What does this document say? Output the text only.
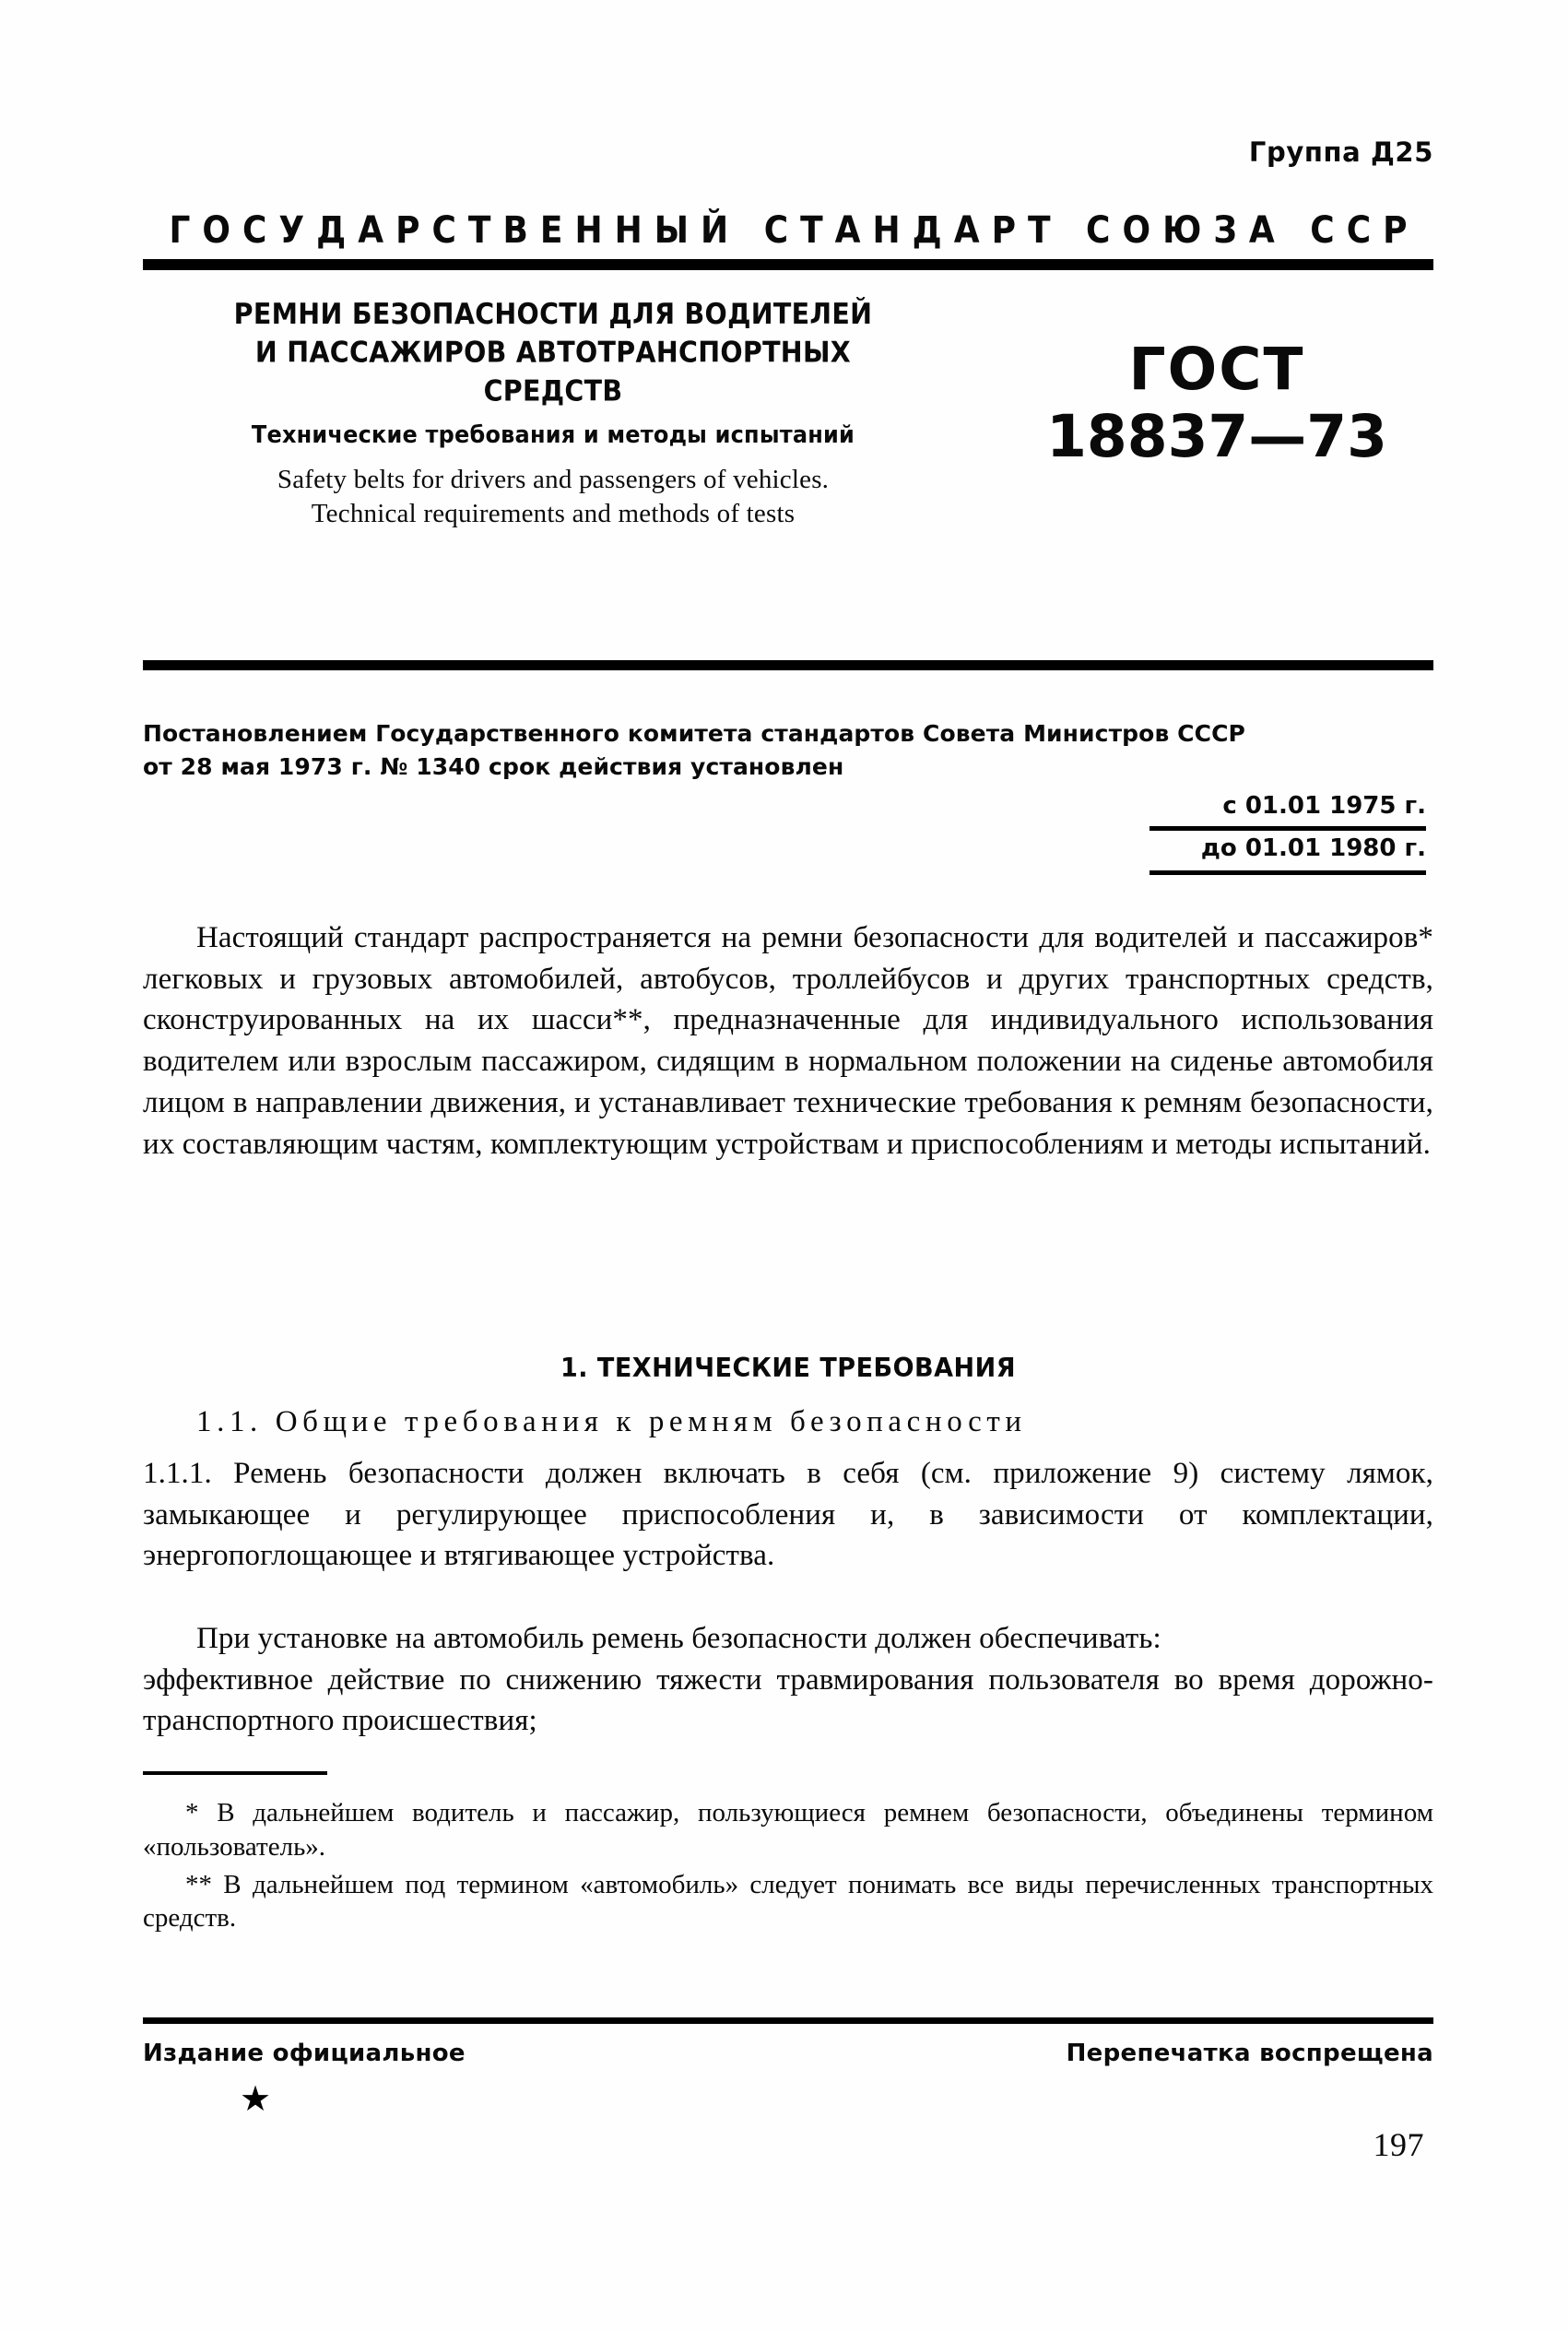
Группа Д25
ГОСУДАРСТВЕННЫЙ СТАНДАРТ СОЮЗА ССР
РЕМНИ БЕЗОПАСНОСТИ ДЛЯ ВОДИТЕЛЕЙ
И ПАССАЖИРОВ АВТОТРАНСПОРТНЫХ
СРЕДСТВ
Технические требования и методы испытаний
Safety belts for drivers and passengers of vehicles.
Technical requirements and methods of tests
ГОСТ
18837—73
Постановлением Государственного комитета стандартов Совета Министров СССР
от 28 мая 1973 г. № 1340 срок действия установлен
с 01.01 1975 г.
до 01.01 1980 г.

Настоящий стандарт распространяется на ремни безопасности для водителей и пассажиров* легковых и грузовых автомобилей, автобусов, троллейбусов и других транспортных средств, сконструированных на их шасси**, предназначенные для индивидуального использования водителем или взрослым пассажиром, сидящим в нормальном положении на сиденье автомобиля лицом в направлении движения, и устанавливает технические требования к ремням безопасности, их составляющим частям, комплектующим устройствам и приспособлениям и методы испытаний.

1. ТЕХНИЧЕСКИЕ ТРЕБОВАНИЯ
1.1. Общие требования к ремням безопасности

1.1.1. Ремень безопасности должен включать в себя (см. приложение 9) систему лямок, замыкающее и регулирующее приспособления и, в зависимости от комплектации, энергопоглощающее и втягивающее устройства.

При установке на автомобиль ремень безопасности должен обеспечивать:

эффективное действие по снижению тяжести травмирования пользователя во время дорожно-транспортного происшествия;

* В дальнейшем водитель и пассажир, пользующиеся ремнем безопасности, объединены термином «пользователь».

** В дальнейшем под термином «автомобиль» следует понимать все виды перечисленных транспортных средств.

Издание официальное	Перепечатка воспрещена
★
197
